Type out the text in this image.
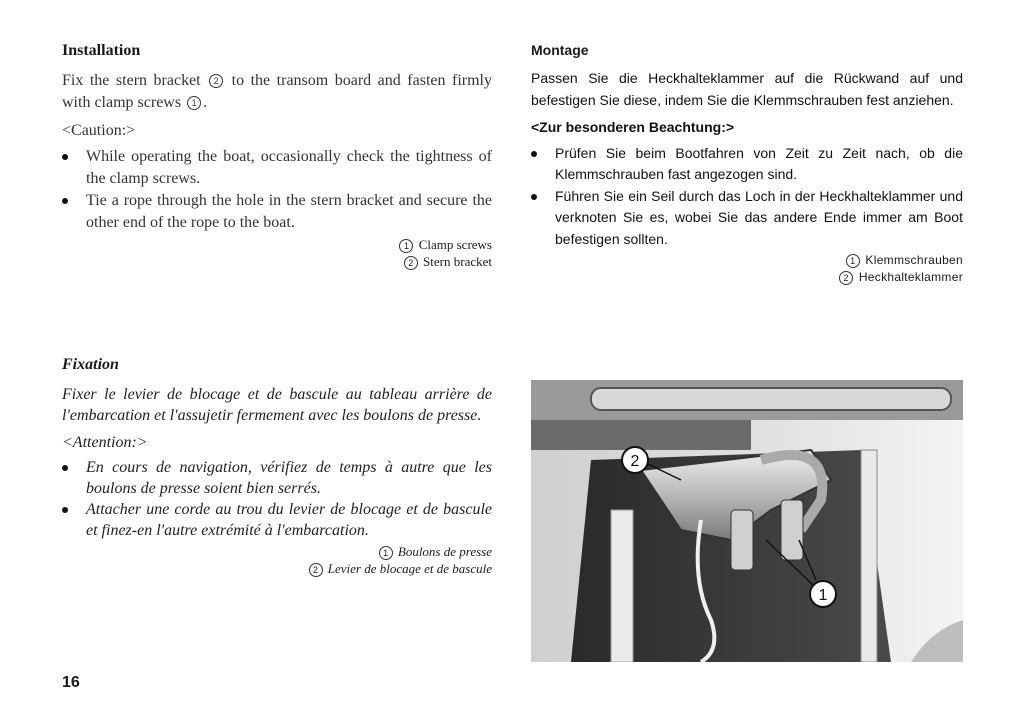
Installation

Fix the stern bracket 2 to the transom board and fasten firmly with clamp screws 1 .

<Caution:>
While operating the boat, occasionally check the tightness of the clamp screws.
Tie a rope through the hole in the stern bracket and secure the other end of the rope to the boat.
1 Clamp screws
2 Stern bracket
Fixation

Fixer le levier de blocage et de bascule au tableau arrière de l'embarcation et l'assujetir fermement avec les boulons de presse.

<Attention:>
En cours de navigation, vérifiez de temps à autre que les boulons de presse soient bien serrés.
Attacher une corde au trou du levier de blocage et de bascule et finez-en l'autre extrémité à l'embarcation.
1 Boulons de presse
2 Levier de blocage et de bascule
Montage

Passen Sie die Heckhalteklammer auf die Rückwand auf und befestigen Sie diese, indem Sie die Klemmschrauben fest anziehen.

<Zur besonderen Beachtung:>
Prüfen Sie beim Bootfahren von Zeit zu Zeit nach, ob die Klemmschrauben fast angezogen sind.
Führen Sie ein Seil durch das Loch in der Heckhalteklammer und verknoten Sie es, wobei Sie das andere Ende immer am Boot befestigen sollten.
1 Klemmschrauben
2 Heckhalteklammer
1
2
16
